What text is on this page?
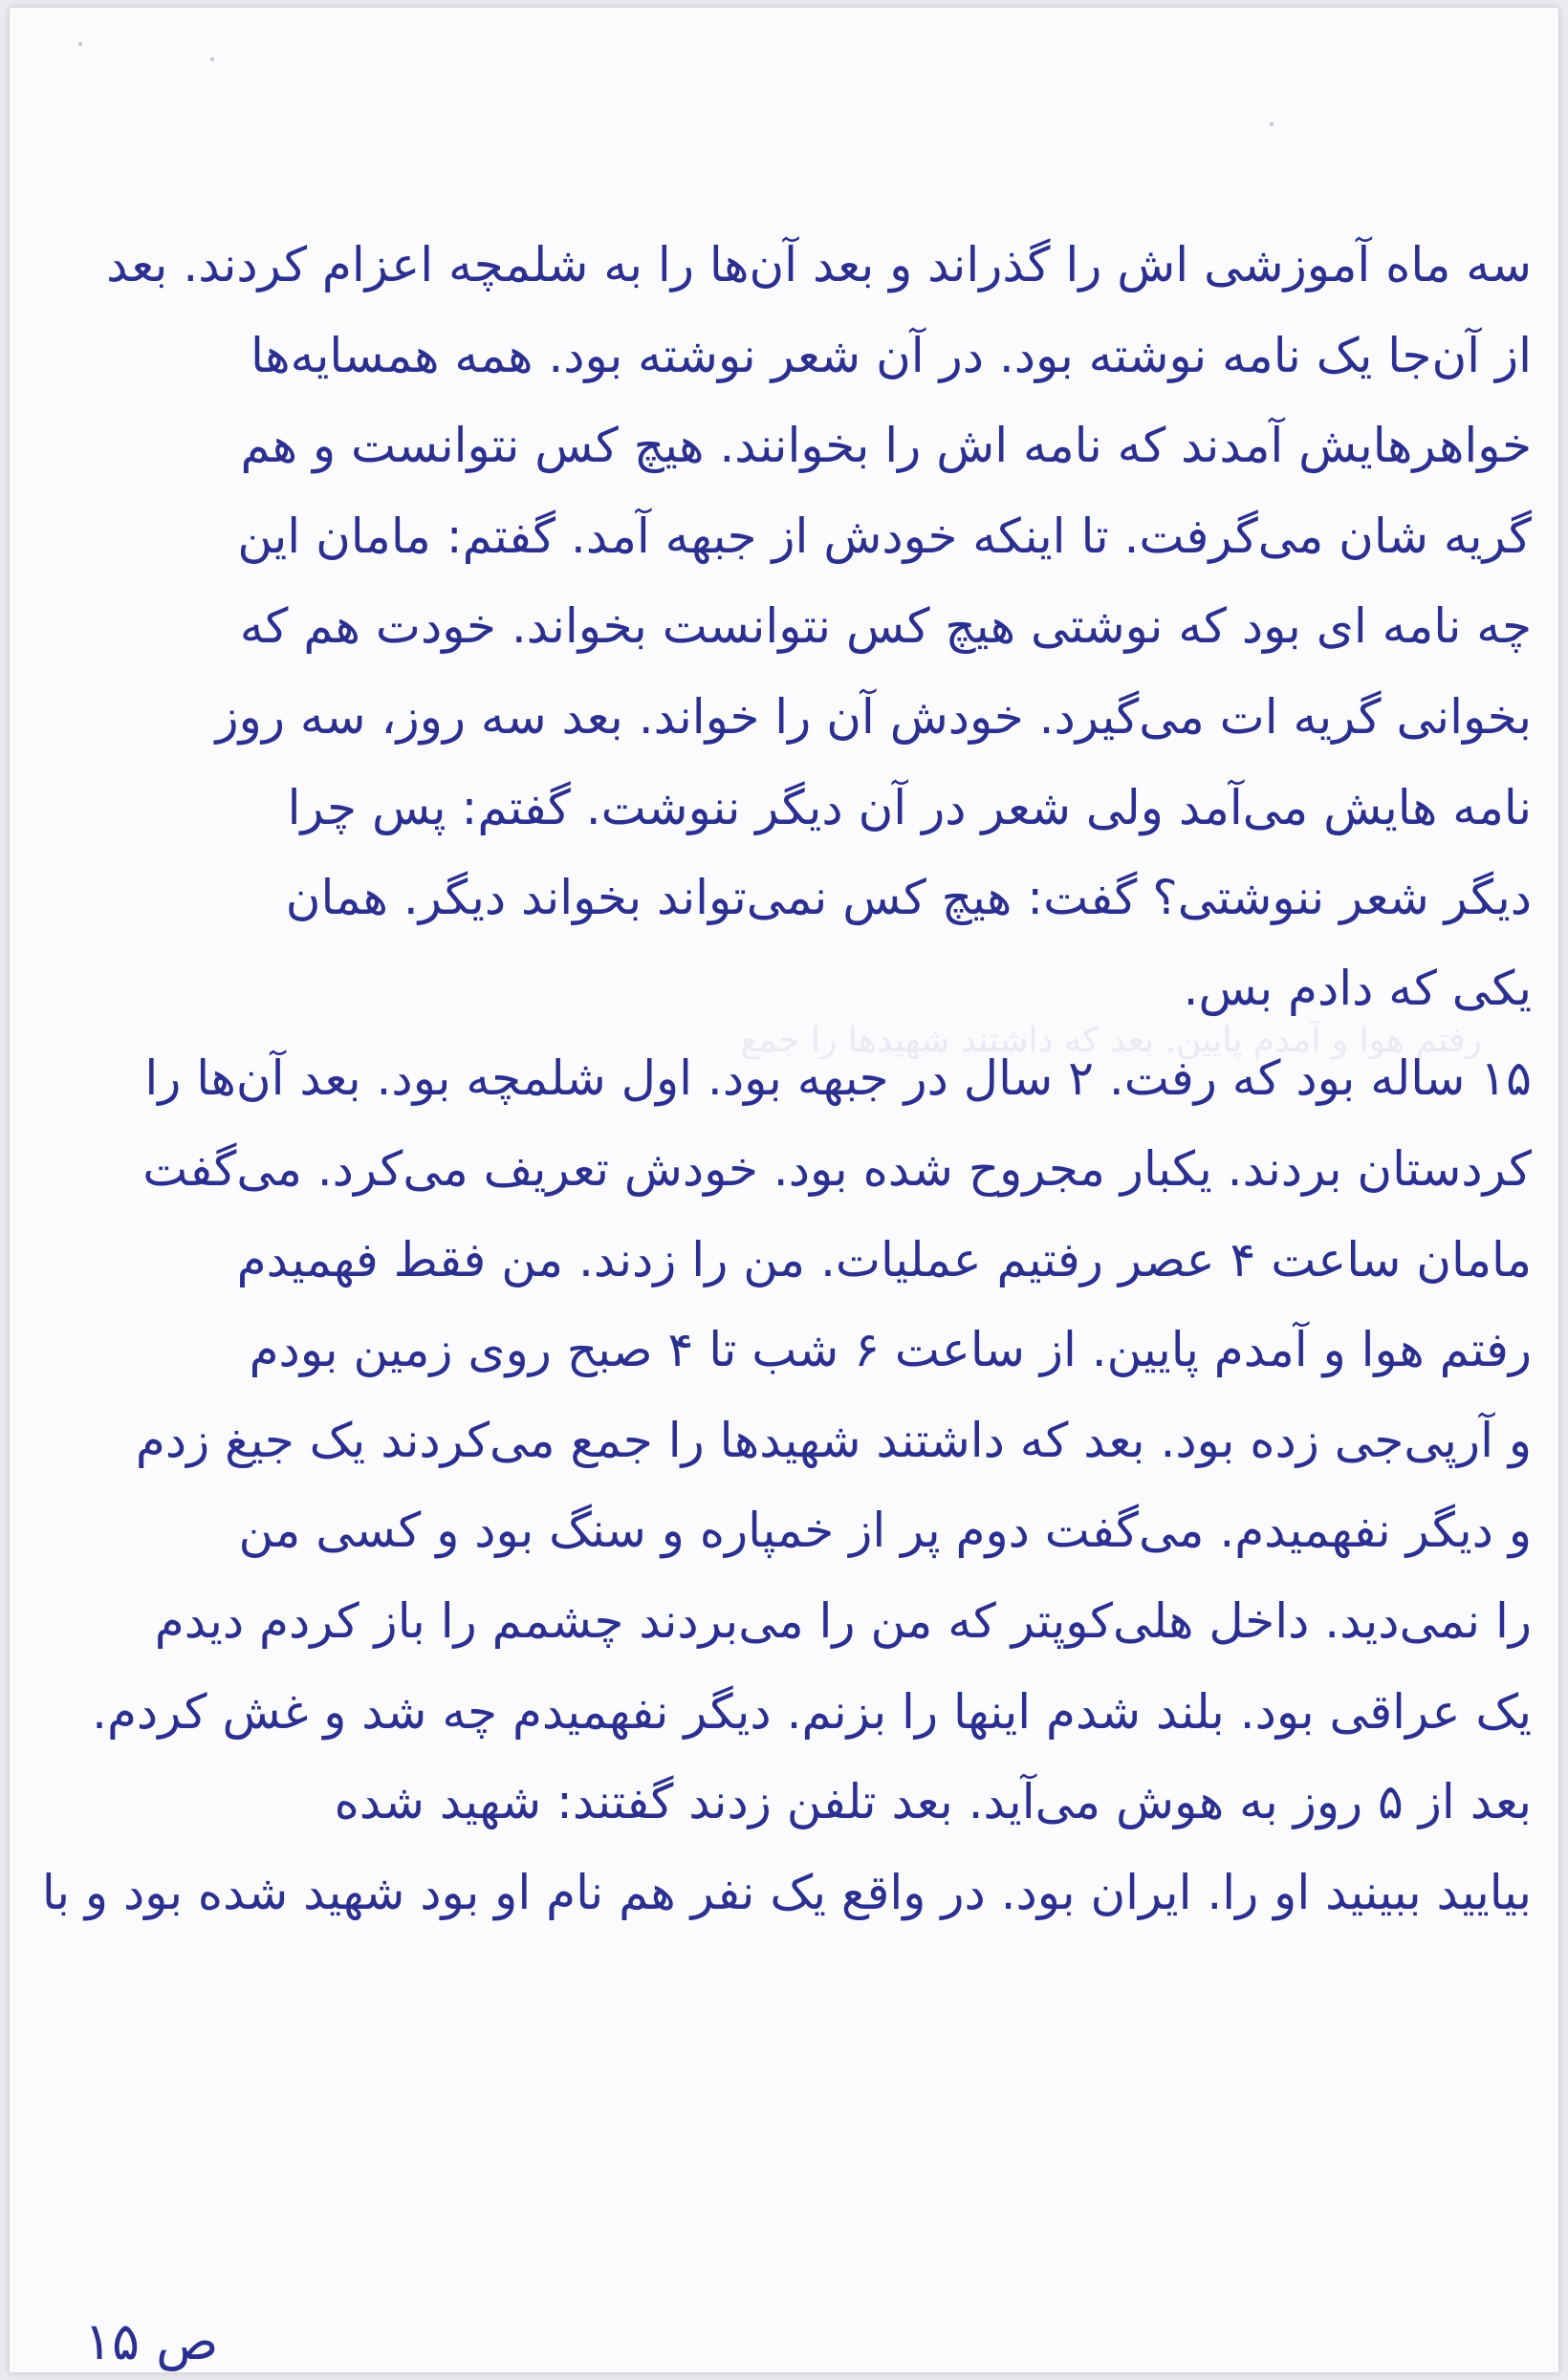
رفتم هوا و آمدم پایین. بعد که داشتند شهیدها را جمع
سه ماه آموزشی اش را گذراند و بعد آن‌ها را به شلمچه اعزام کردند. بعد
از آن‌جا یک نامه نوشته بود. در آن شعر نوشته بود. همه همسایه‌ها
خواهرهایش آمدند که نامه اش را بخوانند. هیچ کس نتوانست و هم
گریه شان می‌گرفت. تا اینکه خودش از جبهه آمد. گفتم: مامان این
چه نامه ای بود که نوشتی هیچ کس نتوانست بخواند. خودت هم که
بخوانی گریه ات می‌گیرد. خودش آن را خواند. بعد سه روز، سه روز
نامه هایش می‌آمد ولی شعر در آن دیگر ننوشت. گفتم: پس چرا
دیگر شعر ننوشتی؟ گفت: هیچ کس نمی‌تواند بخواند دیگر. همان
یکی که دادم بس.
۱۵ ساله بود که رفت. ۲ سال در جبهه بود. اول شلمچه بود. بعد آن‌ها را
کردستان بردند. یکبار مجروح شده بود. خودش تعریف می‌کرد. می‌گفت
مامان ساعت ۴ عصر رفتیم عملیات. من را زدند. من فقط فهمیدم
رفتم هوا و آمدم پایین. از ساعت ۶ شب تا ۴ صبح روی زمین بودم
و آرپی‌جی زده بود. بعد که داشتند شهیدها را جمع می‌کردند یک جیغ زدم
و دیگر نفهمیدم. می‌گفت دوم پر از خمپاره و سنگ بود و کسی من
را نمی‌دید. داخل هلی‌کوپتر که من را می‌بردند چشمم را باز کردم دیدم
یک عراقی بود. بلند شدم اینها را بزنم. دیگر نفهمیدم چه شد و غش کردم.
بعد از ۵ روز به هوش می‌آید. بعد تلفن زدند گفتند: شهید شده
بیایید ببینید او را. ایران بود. در واقع یک نفر هم نام او بود شهید شده بود و با
ص ۱۵
